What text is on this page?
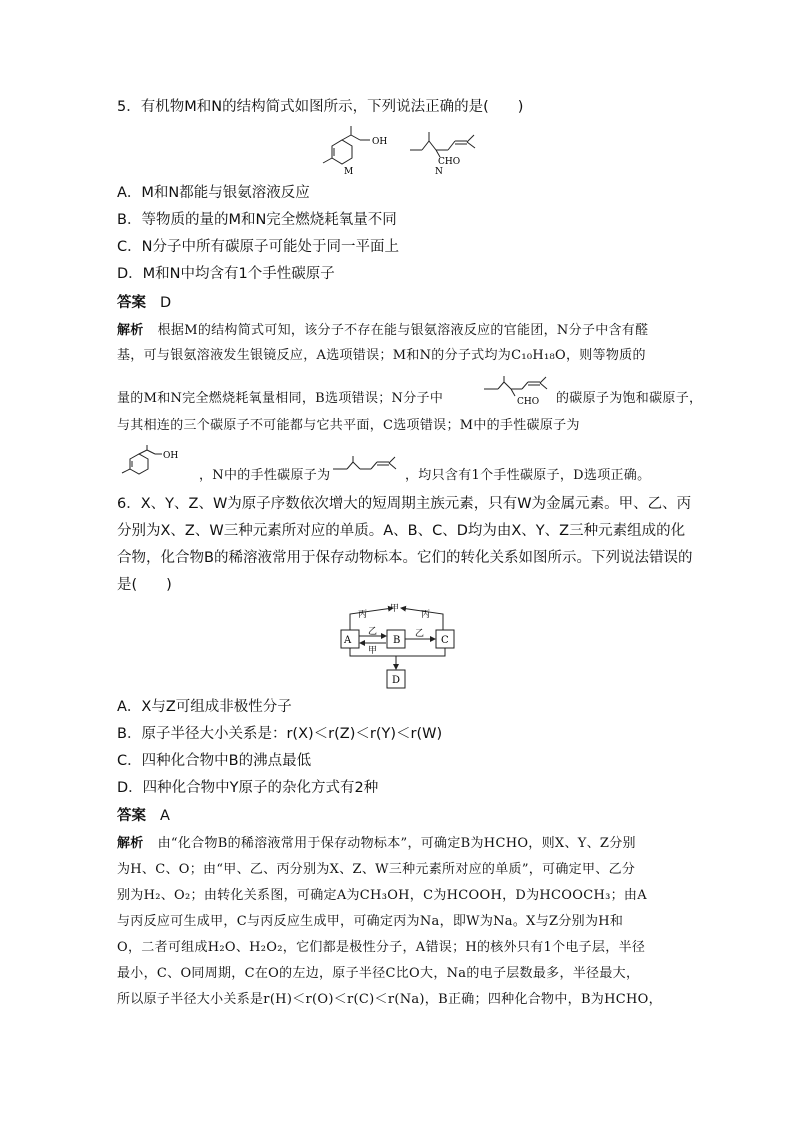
5．有机物M和N的结构简式如图所示，下列说法正确的是(　　)
OH
M
CHO
N
A．M和N都能与银氨溶液反应
B．等物质的量的M和N完全燃烧耗氧量不同
C．N分子中所有碳原子可能处于同一平面上
D．M和N中均含有1个手性碳原子
答案 D
解析 根据M的结构简式可知，该分子不存在能与银氨溶液反应的官能团，N分子中含有醛
基，可与银氨溶液发生银镜反应，A选项错误；M和N的分子式均为C₁₀H₁₈O，则等物质的
量的M和N完全燃烧耗氧量相同，B选项错误；N分子中	CHO 的碳原子为饱和碳原子，
与其相连的三个碳原子不可能都与它共平面，C选项错误；M中的手性碳原子为
OH
，N中的手性碳原子为	，均只含有1个手性碳原子，D选项正确。
6．X、Y、Z、W为原子序数依次增大的短周期主族元素，只有W为金属元素。甲、乙、丙
分别为X、Z、W三种元素所对应的单质。A、B、C、D均为由X、Y、Z三种元素组成的化
合物，化合物B的稀溶液常用于保存动物标本。它们的转化关系如图所示。下列说法错误的
是(　　)
A	B	C
D
丙
甲
丙
乙
甲
乙
A．X与Z可组成非极性分子
B．原子半径大小关系是：r(X)＜r(Z)＜r(Y)＜r(W)
C．四种化合物中B的沸点最低
D．四种化合物中Y原子的杂化方式有2种
答案 A
解析 由“化合物B的稀溶液常用于保存动物标本”，可确定B为HCHO，则X、Y、Z分别
为H、C、O；由“甲、乙、丙分别为X、Z、W三种元素所对应的单质”，可确定甲、乙分
别为H₂、O₂；由转化关系图，可确定A为CH₃OH，C为HCOOH，D为HCOOCH₃；由A
与丙反应可生成甲，C与丙反应生成甲，可确定丙为Na，即W为Na。X与Z分别为H和
O，二者可组成H₂O、H₂O₂，它们都是极性分子，A错误；H的核外只有1个电子层，半径
最小，C、O同周期，C在O的左边，原子半径C比O大，Na的电子层数最多，半径最大，
所以原子半径大小关系是r(H)＜r(O)＜r(C)＜r(Na)，B正确；四种化合物中，B为HCHO，
